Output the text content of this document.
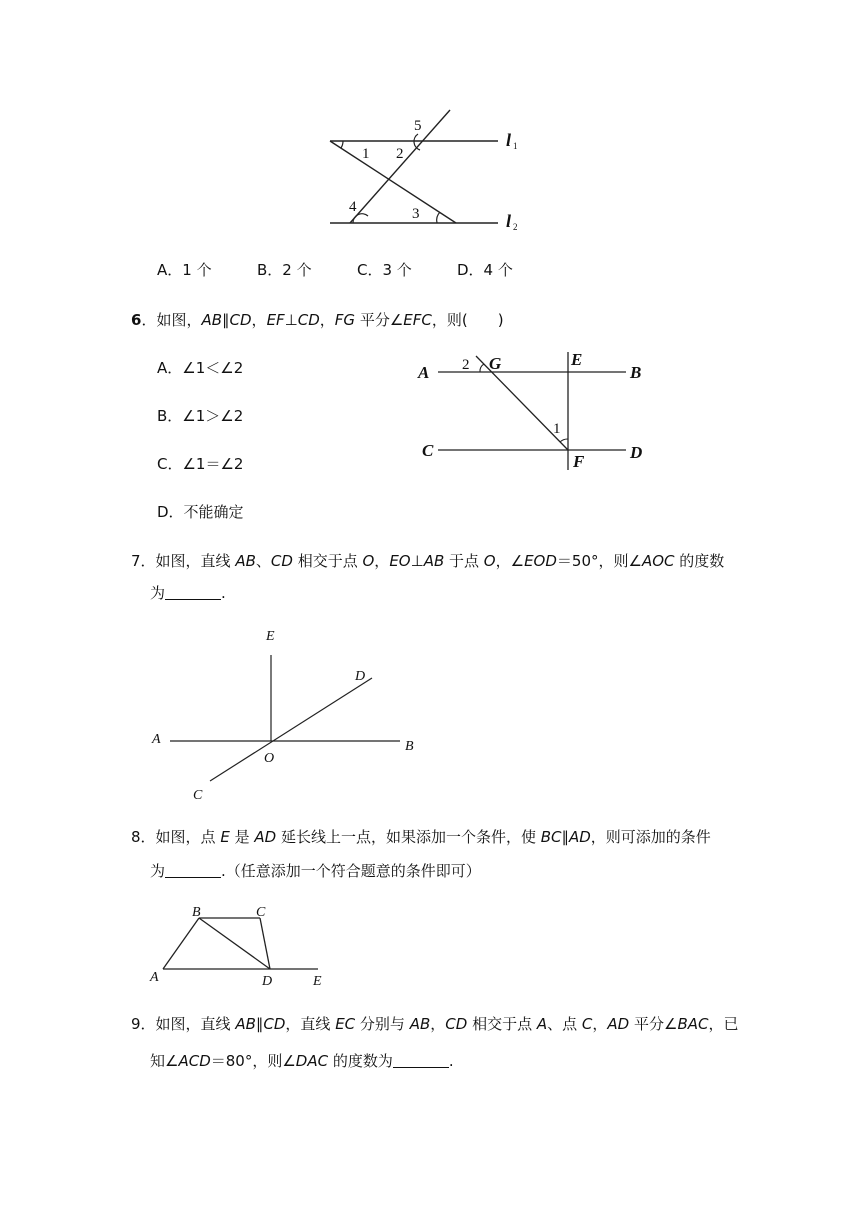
5
1 2
4	3
l 1
l 2
A．1 个	B．2 个	C．3 个	D．4 个
6．如图，AB∥CD，EF⊥CD，FG 平分∠EFC，则(　　)
A．∠1＜∠2
B．∠1＞∠2
C．∠1＝∠2
D．不能确定
A	B
C	D
E
F
G
1
2
7．如图，直线 AB、CD 相交于点 O，EO⊥AB 于点 O，∠EOD＝50°，则∠AOC 的度数
为	.
A	B
C
D
E
O
8．如图，点 E 是 AD 延长线上一点，如果添加一个条件，使 BC∥AD，则可添加的条件
为	.（任意添加一个符合题意的条件即可）
A
B	C
D	E
9．如图，直线 AB∥CD，直线 EC 分别与 AB，CD 相交于点 A、点 C，AD 平分∠BAC，已
知∠ACD＝80°，则∠DAC 的度数为	.
